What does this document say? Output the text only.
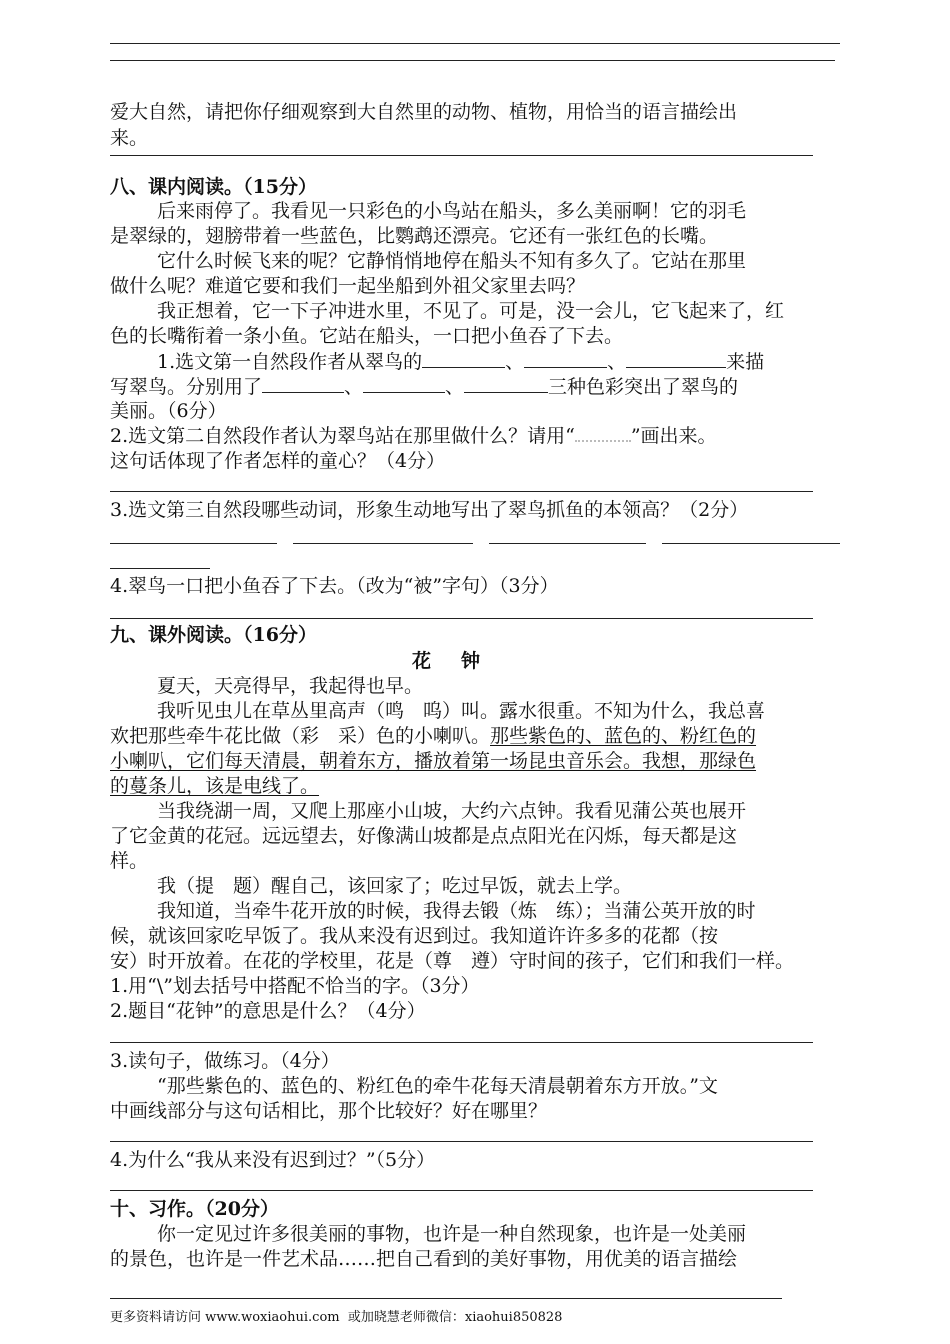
爱大自然，请把你仔细观察到大自然里的动物、植物，用恰当的语言描绘出
来。
八、课内阅读。（15分）
后来雨停了。我看见一只彩色的小鸟站在船头，多么美丽啊！它的羽毛
是翠绿的，翅膀带着一些蓝色，比鹦鹉还漂亮。它还有一张红色的长嘴。
它什么时候飞来的呢？它静悄悄地停在船头不知有多久了。它站在那里
做什么呢？难道它要和我们一起坐船到外祖父家里去吗？
我正想着，它一下子冲进水里，不见了。可是，没一会儿，它飞起来了，红
色的长嘴衔着一条小鱼。它站在船头，一口把小鱼吞了下去。
1.选文第一自然段作者从翠鸟的	、	、	来描
写翠鸟。分别用了	、	、	三种色彩突出了翠鸟的
美丽。（6分）
2.选文第二自然段作者认为翠鸟站在那里做什么？请用“	”画出来。
这句话体现了作者怎样的童心？（4分）
3.选文第三自然段哪些动词，形象生动地写出了翠鸟抓鱼的本领高？（2分）
4.翠鸟一口把小鱼吞了下去。（改为“被”字句）（3分）
九、课外阅读。（16分）
花钟
夏天，天亮得早，我起得也早。
我听见虫儿在草丛里高声（鸣　呜）叫。露水很重。不知为什么，我总喜
欢把那些牵牛花比做（彩　采）色的小喇叭。那些紫色的、蓝色的、粉红色的
小喇叭，它们每天清晨，朝着东方，播放着第一场昆虫音乐会。我想，那绿色
的蔓条儿，该是电线了。
当我绕湖一周，又爬上那座小山坡，大约六点钟。我看见蒲公英也展开
了它金黄的花冠。远远望去，好像满山坡都是点点阳光在闪烁，每天都是这
样。
我（提　题）醒自己，该回家了；吃过早饭，就去上学。
我知道，当牵牛花开放的时候，我得去锻（炼　练）；当蒲公英开放的时
候，就该回家吃早饭了。我从来没有迟到过。我知道许许多多的花都（按
安）时开放着。在花的学校里，花是（尊　遵）守时间的孩子，它们和我们一样。
1.用“\”划去括号中搭配不恰当的字。（3分）
2.题目“花钟”的意思是什么？（4分）
3.读句子，做练习。（4分）
“那些紫色的、蓝色的、粉红色的牵牛花每天清晨朝着东方开放。”文
中画线部分与这句话相比，那个比较好？好在哪里？
4.为什么“我从来没有迟到过？”（5分）
十、习作。（20分）
你一定见过许多很美丽的事物，也许是一种自然现象，也许是一处美丽
的景色，也许是一件艺术品……把自己看到的美好事物，用优美的语言描绘
更多资料请访问 www.woxiaohui.com  或加晓慧老师微信：xiaohui850828
